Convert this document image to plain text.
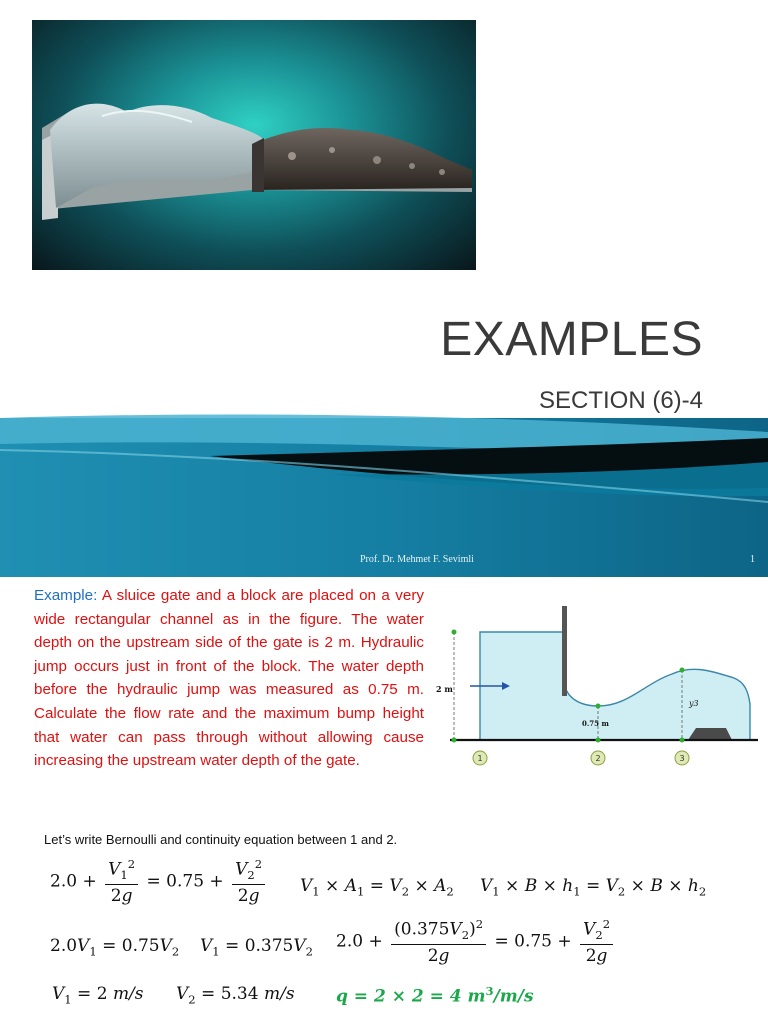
EXAMPLES
SECTION (6)-4
Prof. Dr. Mehmet F. Sevimli	1
Example: A sluice gate and a block are placed on a very wide rectangular channel as in the figure. The water depth on the upstream side of the gate is 2 m. Hydraulic jump occurs just in front of the block. The water depth before the hydraulic jump was measured as 0.75 m. Calculate the flow rate and the maximum bump height that water can pass through without allowing cause increasing the upstream water depth of the gate.
2 m
0.75 m
y3
1	2	3
Let’s write Bernoulli and continuity equation between 1 and 2.
$2.0 + \frac{V_1^2}{2g} = 0.75 + \frac{V_2^2}{2g} V_1 \times A_1 = V_2 \times A_2$ $V_1 \times B \times h_1 = V_2 \times B \times h_2$
$2.0V_1 = 0.75V_2$ $V_1 = 0.375V_2$ $2.0 + \frac{(0.375V_2)^2}{2g} = 0.75 + \frac{V_2^2}{2g}$
$V_1 = 2$ m/s $V_2 = 5.34$ m/s q = 2 × 2 = 4 $m^3/m/s$
